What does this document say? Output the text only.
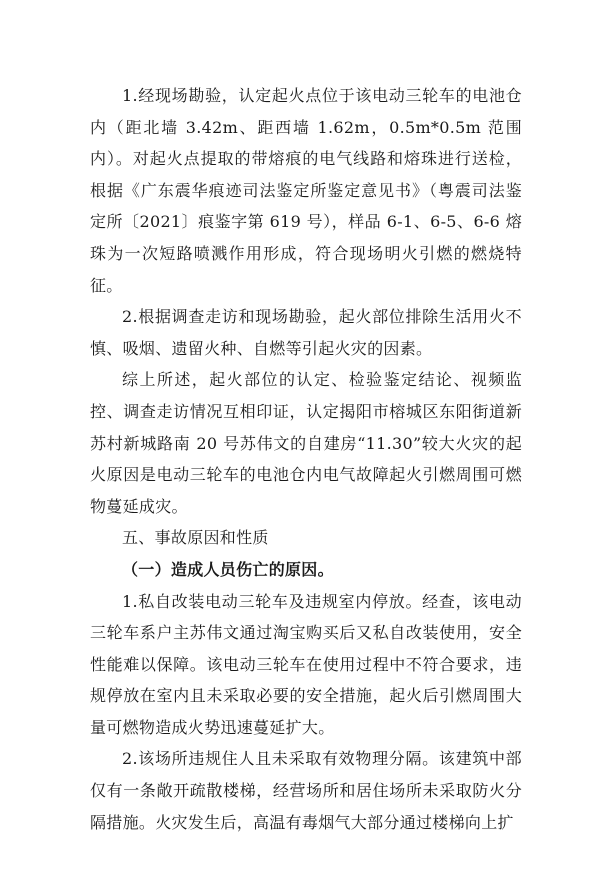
1.经现场勘验，认定起火点位于该电动三轮车的电池仓内（距北墙 3.42m、距西墙 1.62m，0.5m*0.5m 范围内）。对起火点提取的带熔痕的电气线路和熔珠进行送检，根据《广东震华痕迹司法鉴定所鉴定意见书》（粤震司法鉴定所〔2021〕痕鉴字第 619 号），样品 6-1、6-5、6-6 熔珠为一次短路喷溅作用形成，符合现场明火引燃的燃烧特征。

2.根据调查走访和现场勘验，起火部位排除生活用火不慎、吸烟、遗留火种、自燃等引起火灾的因素。

综上所述，起火部位的认定、检验鉴定结论、视频监控、调查走访情况互相印证，认定揭阳市榕城区东阳街道新苏村新城路南 20 号苏伟文的自建房“11.30”较大火灾的起火原因是电动三轮车的电池仓内电气故障起火引燃周围可燃物蔓延成灾。

五、事故原因和性质

（一）造成人员伤亡的原因。

1.私自改装电动三轮车及违规室内停放。经查，该电动三轮车系户主苏伟文通过淘宝购买后又私自改装使用，安全性能难以保障。该电动三轮车在使用过程中不符合要求，违规停放在室内且未采取必要的安全措施，起火后引燃周围大量可燃物造成火势迅速蔓延扩大。

2.该场所违规住人且未采取有效物理分隔。该建筑中部仅有一条敞开疏散楼梯，经营场所和居住场所未采取防火分隔措施。火灾发生后，高温有毒烟气大部分通过楼梯向上扩
